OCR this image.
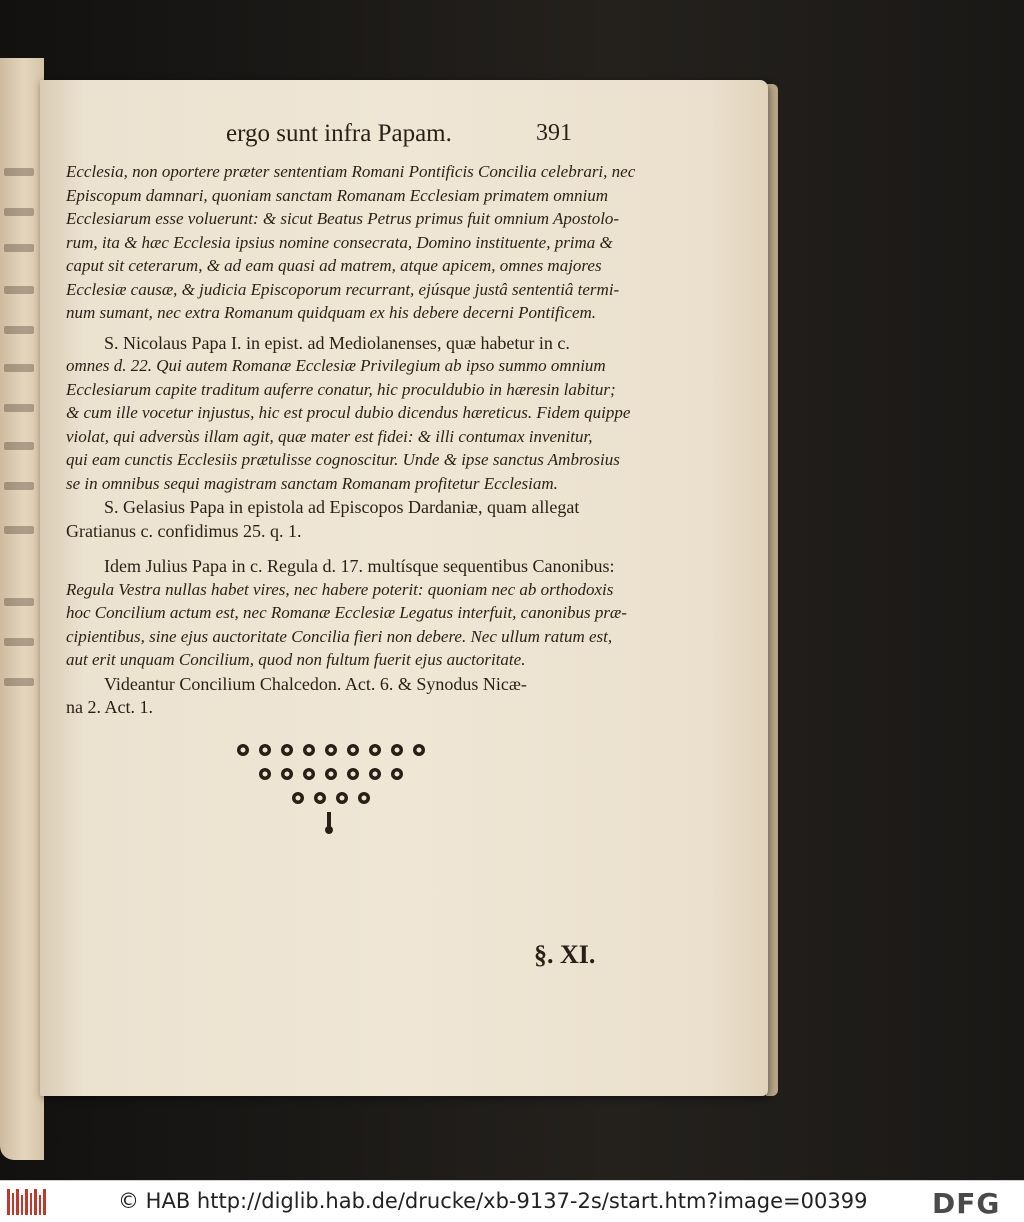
ergo sunt infra Papam.	391
Ecclesia, non oportere præter sententiam Romani Pontificis Concilia celebrari, nec
Episcopum damnari, quoniam sanctam Romanam Ecclesiam primatem omnium
Ecclesiarum esse voluerunt: & sicut Beatus Petrus primus fuit omnium Apostolo-
rum, ita & hæc Ecclesia ipsius nomine consecrata, Domino instituente, prima &
caput sit ceterarum, & ad eam quasi ad matrem, atque apicem, omnes majores
Ecclesiæ causæ, & judicia Episcoporum recurrant, ejúsque justâ sententiâ termi-
num sumant, nec extra Romanum quidquam ex his debere decerni Pontificem.
S. Nicolaus Papa I. in epist. ad Mediolanenses, quæ habetur in c.
omnes d. 22. Qui autem Romanæ Ecclesiæ Privilegium ab ipso summo omnium
Ecclesiarum capite traditum auferre conatur, hic proculdubio in hæresin labitur;
& cum ille vocetur injustus, hic est procul dubio dicendus hæreticus. Fidem quippe
violat, qui adversùs illam agit, quæ mater est fidei: & illi contumax invenitur,
qui eam cunctis Ecclesiis prætulisse cognoscitur. Unde & ipse sanctus Ambrosius
se in omnibus sequi magistram sanctam Romanam profitetur Ecclesiam.
S. Gelasius Papa in epistola ad Episcopos Dardaniæ, quam allegat
Gratianus c. confidimus 25. q. 1.
Idem Julius Papa in c. Regula d. 17. multísque sequentibus Canonibus:
Regula Vestra nullas habet vires, nec habere poterit: quoniam nec ab orthodoxis
hoc Concilium actum est, nec Romanæ Ecclesiæ Legatus interfuit, canonibus præ-
cipientibus, sine ejus auctoritate Concilia fieri non debere. Nec ullum ratum est,
aut erit unquam Concilium, quod non fultum fuerit ejus auctoritate.
Videantur Concilium Chalcedon. Act. 6. & Synodus Nicæ-
na 2. Act. 1.
§. XI.
© HAB http://diglib.hab.de/drucke/xb-9137-2s/start.htm?image=00399 DFG
